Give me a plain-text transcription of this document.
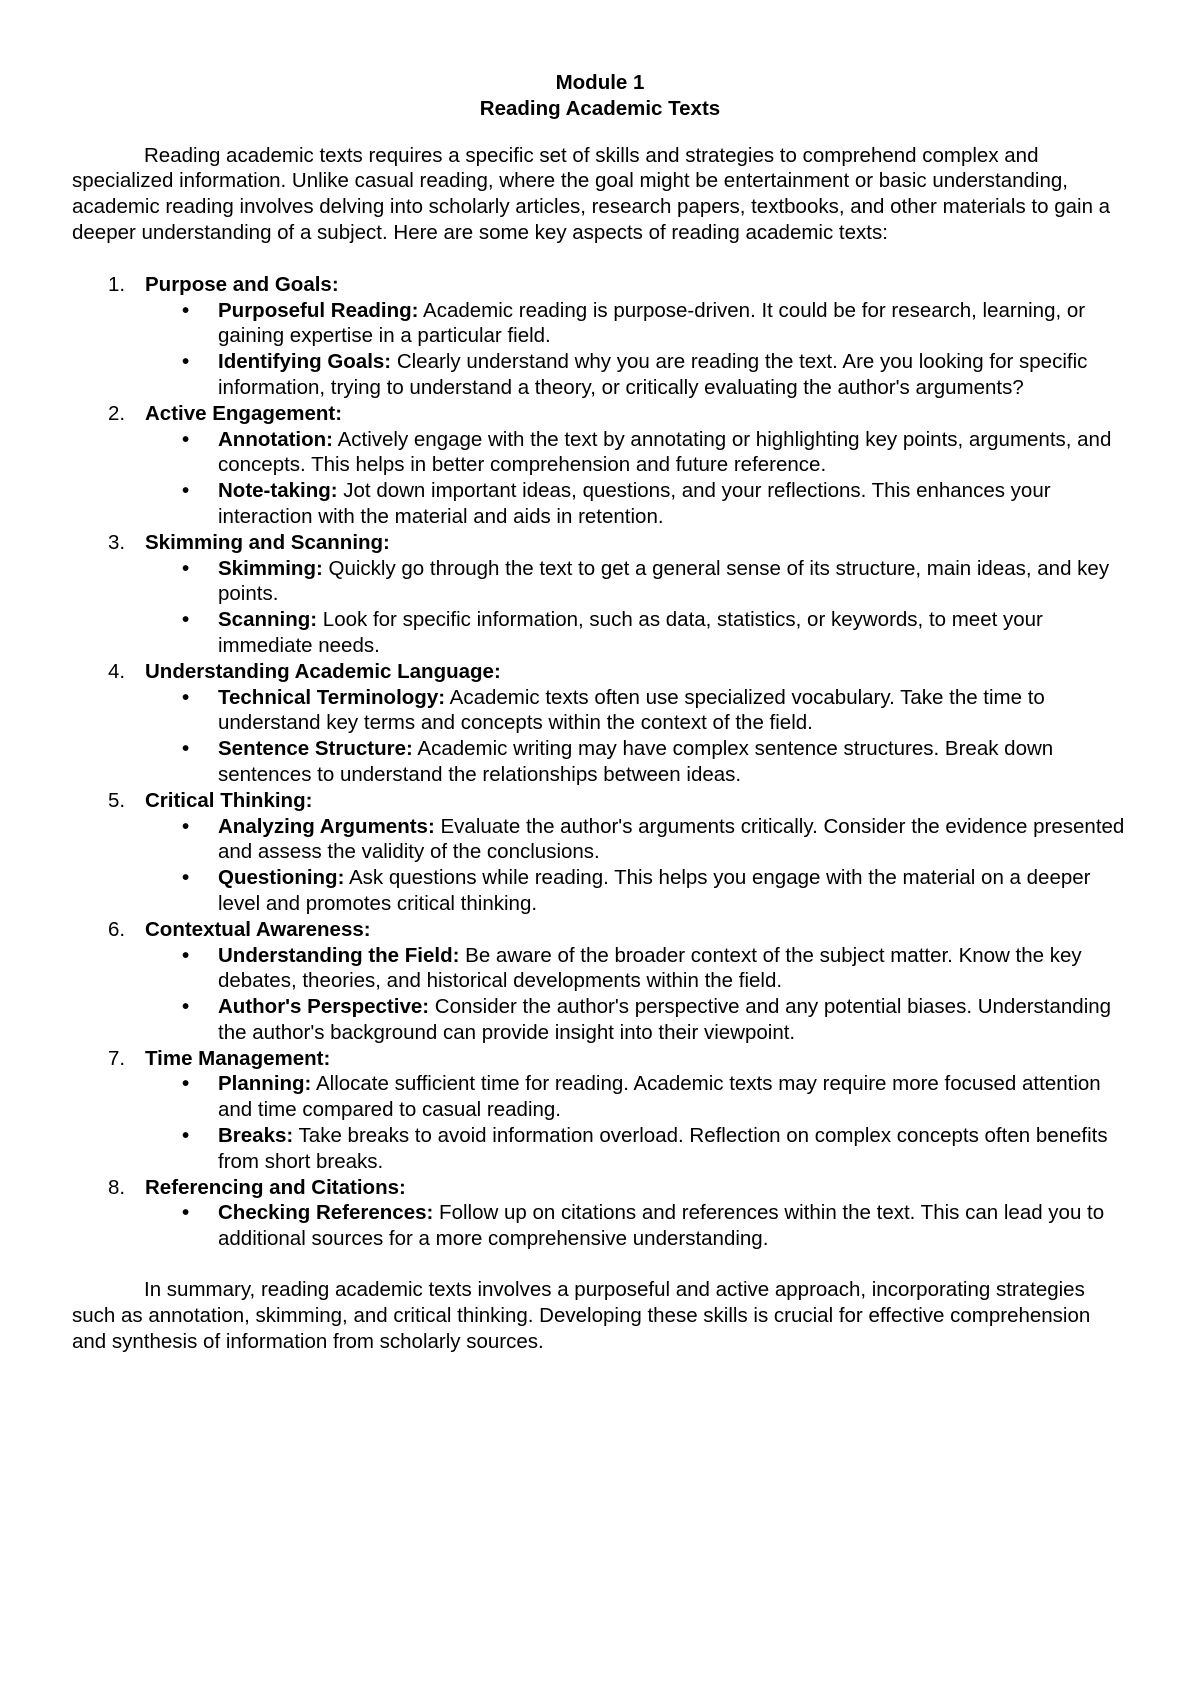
Module 1

Reading Academic Texts

Reading academic texts requires a specific set of skills and strategies to comprehend complex and specialized information. Unlike casual reading, where the goal might be entertainment or basic understanding, academic reading involves delving into scholarly articles, research papers, textbooks, and other materials to gain a deeper understanding of a subject. Here are some key aspects of reading academic texts:

1. Purpose and Goals:
• Purposeful Reading: Academic reading is purpose-driven. It could be for research, learning, or gaining expertise in a particular field.
• Identifying Goals: Clearly understand why you are reading the text. Are you looking for specific information, trying to understand a theory, or critically evaluating the author's arguments?
2. Active Engagement:
• Annotation: Actively engage with the text by annotating or highlighting key points, arguments, and concepts. This helps in better comprehension and future reference.
• Note-taking: Jot down important ideas, questions, and your reflections. This enhances your interaction with the material and aids in retention.
3. Skimming and Scanning:
• Skimming: Quickly go through the text to get a general sense of its structure, main ideas, and key points.
• Scanning: Look for specific information, such as data, statistics, or keywords, to meet your immediate needs.
4. Understanding Academic Language:
• Technical Terminology: Academic texts often use specialized vocabulary. Take the time to understand key terms and concepts within the context of the field.
• Sentence Structure: Academic writing may have complex sentence structures. Break down sentences to understand the relationships between ideas.
5. Critical Thinking:
• Analyzing Arguments: Evaluate the author's arguments critically. Consider the evidence presented and assess the validity of the conclusions.
• Questioning: Ask questions while reading. This helps you engage with the material on a deeper level and promotes critical thinking.
6. Contextual Awareness:
• Understanding the Field: Be aware of the broader context of the subject matter. Know the key debates, theories, and historical developments within the field.
• Author's Perspective: Consider the author's perspective and any potential biases. Understanding the author's background can provide insight into their viewpoint.
7. Time Management:
• Planning: Allocate sufficient time for reading. Academic texts may require more focused attention and time compared to casual reading.
• Breaks: Take breaks to avoid information overload. Reflection on complex concepts often benefits from short breaks.
8. Referencing and Citations:
• Checking References: Follow up on citations and references within the text. This can lead you to additional sources for a more comprehensive understanding.

In summary, reading academic texts involves a purposeful and active approach, incorporating strategies such as annotation, skimming, and critical thinking. Developing these skills is crucial for effective comprehension and synthesis of information from scholarly sources.
